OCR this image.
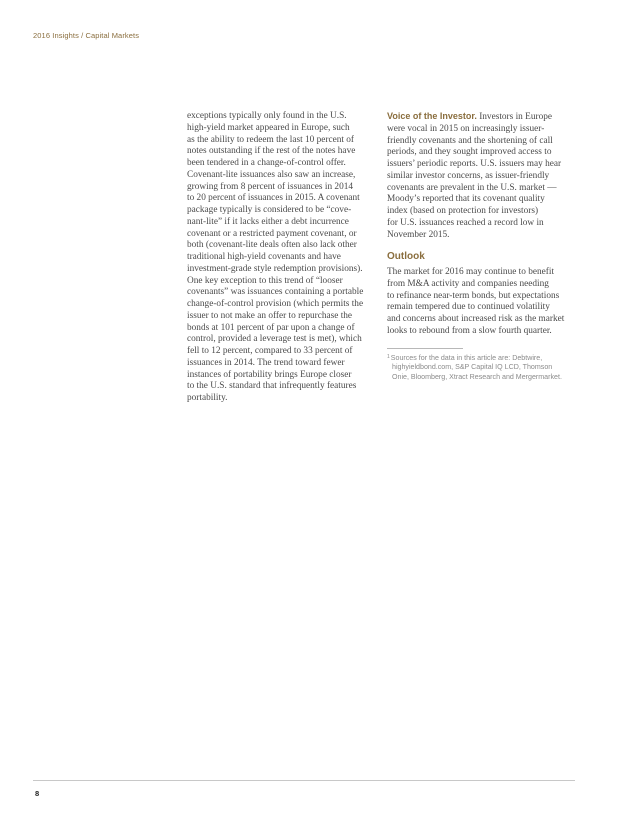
2016 Insights / Capital Markets
exceptions typically only found in the U.S.
high-yield market appeared in Europe, such
as the ability to redeem the last 10 percent of
notes outstanding if the rest of the notes have
been tendered in a change-of-control offer.
Covenant-lite issuances also saw an increase,
growing from 8 percent of issuances in 2014
to 20 percent of issuances in 2015. A covenant
package typically is considered to be “cove-
nant-lite” if it lacks either a debt incurrence
covenant or a restricted payment covenant, or
both (covenant-lite deals often also lack other
traditional high-yield covenants and have
investment-grade style redemption provisions).
One key exception to this trend of “looser
covenants” was issuances containing a portable
change-of-control provision (which permits the
issuer to not make an offer to repurchase the
bonds at 101 percent of par upon a change of
control, provided a leverage test is met), which
fell to 12 percent, compared to 33 percent of
issuances in 2014. The trend toward fewer
instances of portability brings Europe closer
to the U.S. standard that infrequently features
portability.
Voice of the Investor. Investors in Europe
were vocal in 2015 on increasingly issuer-
friendly covenants and the shortening of call
periods, and they sought improved access to
issuers’ periodic reports. U.S. issuers may hear
similar investor concerns, as issuer-friendly
covenants are prevalent in the U.S. market —
Moody’s reported that its covenant quality
index (based on protection for investors)
for U.S. issuances reached a record low in
November 2015.
Outlook
The market for 2016 may continue to benefit
from M&A activity and companies needing
to refinance near-term bonds, but expectations
remain tempered due to continued volatility
and concerns about increased risk as the market
looks to rebound from a slow fourth quarter.
$^1$Sources for the data in this article are: Debtwire,
highyieldbond.com, S&P Capital IQ LCD, Thomson
Onie, Bloomberg, Xtract Research and Mergermarket.
8
